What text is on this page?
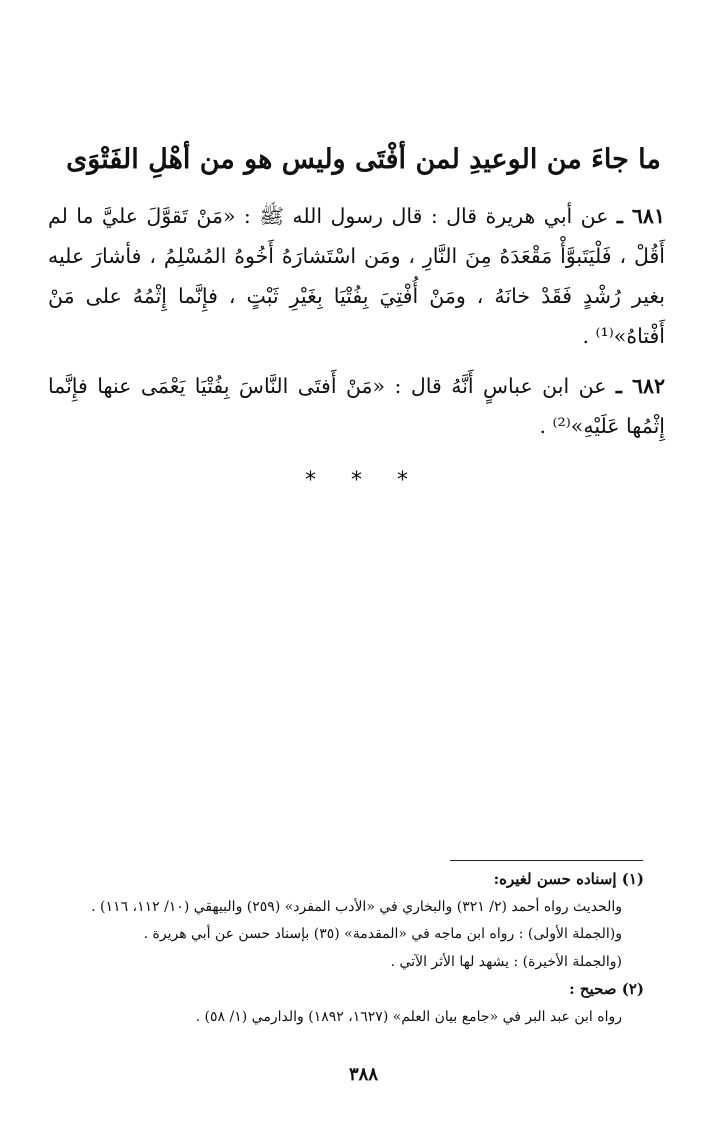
ما جاءَ من الوعيدِ لمن أفْتَى وليس هو من أهْلِ الفَتْوَى
٦٨١ ـ عن أبي هريرة قال : قال رسول الله ﷺ : «مَنْ تَقوَّلَ عليَّ ما لم أَقُلْ ، فَلْيَتَبوَّأْ مَقْعَدَهُ مِنَ النَّارِ ، ومَن اسْتَشارَهُ أَخُوهُ المُسْلِمُ ، فأشارَ عليه بغير رُشْدٍ فَقَدْ خانَهُ ، ومَنْ أُفْتِيَ بِفُتْيَا بِغَيْرِ ثَبْتٍ ، فإِنَّما إِثْمُهُ على مَنْ أَفْتاهُ»⁽¹⁾ .
٦٨٢ ـ عن ابن عباسٍ أَنَّهُ قال : «مَنْ أَفتَى النَّاسَ بِفُتْيَا يَعْمَى عنها فإِنَّما إِثْمُها عَلَيْهِ»⁽²⁾ .
* * *
(١) إسناده حسن لغيره:
والحديث رواه أحمد (٢/ ٣٢١) والبخاري في «الأدب المفرد» (٢٥٩) والبيهقي (١٠/ ١١٢، ١١٦) .
و(الجملة الأولى) : رواه ابن ماجه في «المقدمة» (٣٥) بإسناد حسن عن أبي هريرة .
(والجملة الأخيرة) : يشهد لها الأثر الآتي .
(٢) صحيح :
رواه ابن عبد البر في «جامع بيان العلم» (١٦٢٧، ١٨٩٢) والدارمي (١/ ٥٨) .
٣٨٨
